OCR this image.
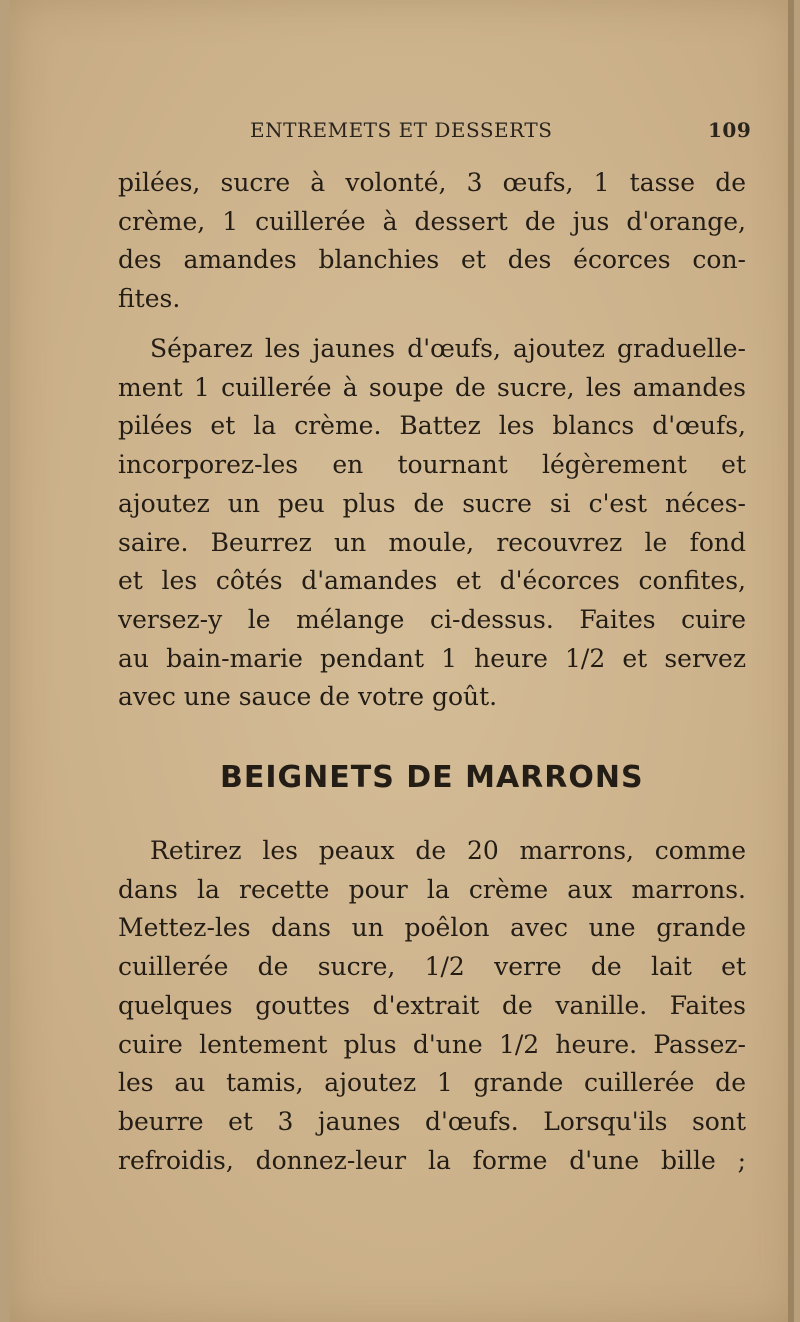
ENTREMETS ET DESSERTS	109
pilées, sucre à volonté, 3 œufs, 1 tasse de
crème, 1 cuillerée à dessert de jus d'orange,
des amandes blanchies et des écorces con-
fites.
Séparez les jaunes d'œufs, ajoutez graduelle-
ment 1 cuillerée à soupe de sucre, les amandes
pilées et la crème. Battez les blancs d'œufs,
incorporez-les en tournant légèrement et
ajoutez un peu plus de sucre si c'est néces-
saire. Beurrez un moule, recouvrez le fond
et les côtés d'amandes et d'écorces confites,
versez-y le mélange ci-dessus. Faites cuire
au bain-marie pendant 1 heure 1/2 et servez
avec une sauce de votre goût.
BEIGNETS DE MARRONS
Retirez les peaux de 20 marrons, comme
dans la recette pour la crème aux marrons.
Mettez-les dans un poêlon avec une grande
cuillerée de sucre, 1/2 verre de lait et
quelques gouttes d'extrait de vanille. Faites
cuire lentement plus d'une 1/2 heure. Passez-
les au tamis, ajoutez 1 grande cuillerée de
beurre et 3 jaunes d'œufs. Lorsqu'ils sont
refroidis, donnez-leur la forme d'une bille ;
